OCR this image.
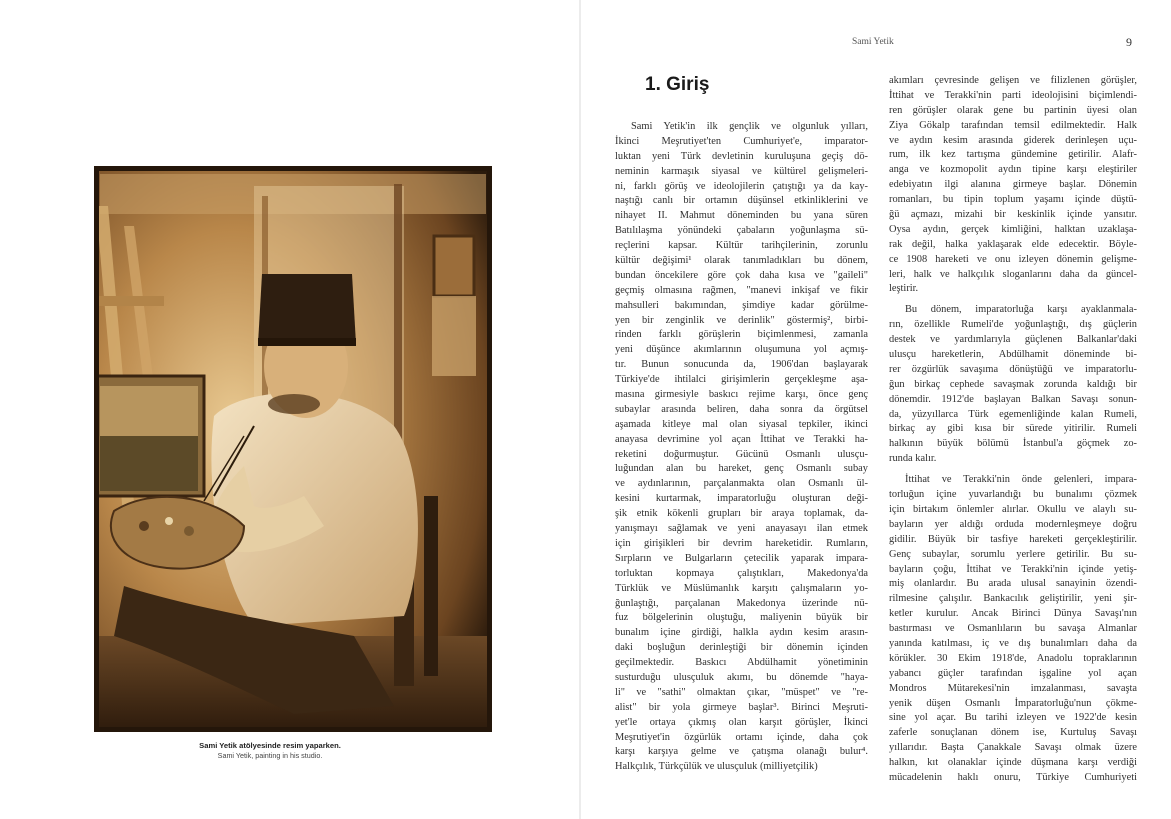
Sami Yetik atölyesinde resim yaparken.
Sami Yetik, painting in his studio.
Sami Yetik	9
1. Giriş
Sami Yetik'in ilk gençlik ve olgunluk yılları,
İkinci Meşrutiyet'ten Cumhuriyet'e, imparator-
luktan yeni Türk devletinin kuruluşuna geçiş dö-
neminin karmaşık siyasal ve kültürel gelişmeleri-
ni, farklı görüş ve ideolojilerin çatıştığı ya da kay-
naştığı canlı bir ortamın düşünsel etkinliklerini ve
nihayet II. Mahmut döneminden bu yana süren
Batılılaşma yönündeki çabaların yoğunlaşma sü-
reçlerini kapsar. Kültür tarihçilerinin, zorunlu
kültür değişimi¹ olarak tanımladıkları bu dönem,
bundan öncekilere göre çok daha kısa ve "gaileli"
geçmiş olmasına rağmen, "manevi inkişaf ve fikir
mahsulleri bakımından, şimdiye kadar görülme-
yen bir zenginlik ve derinlik" göstermiş², birbi-
rinden farklı görüşlerin biçimlenmesi, zamanla
yeni düşünce akımlarının oluşumuna yol açmış-
tır. Bunun sonucunda da, 1906'dan başlayarak
Türkiye'de ihtilalci girişimlerin gerçekleşme aşa-
masına girmesiyle baskıcı rejime karşı, önce genç
subaylar arasında beliren, daha sonra da örgütsel
aşamada kitleye mal olan siyasal tepkiler, ikinci
anayasa devrimine yol açan İttihat ve Terakki ha-
reketini doğurmuştur. Gücünü Osmanlı ulusçu-
luğundan alan bu hareket, genç Osmanlı subay
ve aydınlarının, parçalanmakta olan Osmanlı ül-
kesini kurtarmak, imparatorluğu oluşturan deği-
şik etnik kökenli grupları bir araya toplamak, da-
yanışmayı sağlamak ve yeni anayasayı ilan etmek
için girişikleri bir devrim hareketidir. Rumların,
Sırpların ve Bulgarların çetecilik yaparak impara-
torluktan kopmaya çalıştıkları, Makedonya'da
Türklük ve Müslümanlık karşıtı çalışmaların yo-
ğunlaştığı, parçalanan Makedonya üzerinde nü-
fuz bölgelerinin oluştuğu, maliyenin büyük bir
bunalım içine girdiği, halkla aydın kesim arasın-
daki boşluğun derinleştiği bir dönemin içinden
geçilmektedir. Baskıcı Abdülhamit yönetiminin
susturduğu ulusçuluk akımı, bu dönemde "haya-
li" ve "sathi" olmaktan çıkar, "müspet" ve "re-
alist" bir yola girmeye başlar³. Birinci Meşruti-
yet'le ortaya çıkmış olan karşıt görüşler, İkinci
Meşrutiyet'in özgürlük ortamı içinde, daha çok
karşı karşıya gelme ve çatışma olanağı bulur⁴.
Halkçılık, Türkçülük ve ulusçuluk (milliyetçilik)
akımları çevresinde gelişen ve filizlenen görüşler,
İttihat ve Terakki'nin parti ideolojisini biçimlendi-
ren görüşler olarak gene bu partinin üyesi olan
Ziya Gökalp tarafından temsil edilmektedir. Halk
ve aydın kesim arasında giderek derinleşen uçu-
rum, ilk kez tartışma gündemine getirilir. Alafr-
anga ve kozmopolit aydın tipine karşı eleştiriler
edebiyatın ilgi alanına girmeye başlar. Dönemin
romanları, bu tipin toplum yaşamı içinde düştü-
ğü açmazı, mizahi bir keskinlik içinde yansıtır.
Oysa aydın, gerçek kimliğini, halktan uzaklaşa-
rak değil, halka yaklaşarak elde edecektir. Böyle-
ce 1908 hareketi ve onu izleyen dönemin gelişme-
leri, halk ve halkçılık sloganlarını daha da güncel-
leştirir.
Bu dönem, imparatorluğa karşı ayaklanmala-
rın, özellikle Rumeli'de yoğunlaştığı, dış güçlerin
destek ve yardımlarıyla güçlenen Balkanlar'daki
ulusçu hareketlerin, Abdülhamit döneminde bi-
rer özgürlük savaşıma dönüştüğü ve imparatorlu-
ğun birkaç cephede savaşmak zorunda kaldığı bir
dönemdir. 1912'de başlayan Balkan Savaşı sonun-
da, yüzyıllarca Türk egemenliğinde kalan Rumeli,
birkaç ay gibi kısa bir sürede yitirilir. Rumeli
halkının büyük bölümü İstanbul'a göçmek zo-
runda kalır.
İttihat ve Terakki'nin önde gelenleri, impara-
torluğun içine yuvarlandığı bu bunalımı çözmek
için birtakım önlemler alırlar. Okullu ve alaylı su-
bayların yer aldığı orduda modernleşmeye doğru
gidilir. Büyük bir tasfiye hareketi gerçekleştirilir.
Genç subaylar, sorumlu yerlere getirilir. Bu su-
bayların çoğu, İttihat ve Terakki'nin içinde yetiş-
miş olanlardır. Bu arada ulusal sanayinin özendi-
rilmesine çalışılır. Bankacılık geliştirilir, yeni şir-
ketler kurulur. Ancak Birinci Dünya Savaşı'nın
bastırması ve Osmanlıların bu savaşa Almanlar
yanında katılması, iç ve dış bunalımları daha da
körükler. 30 Ekim 1918'de, Anadolu topraklarının
yabancı güçler tarafından işgaline yol açan
Mondros Mütarekesi'nin imzalanması, savaşta
yenik düşen Osmanlı İmparatorluğu'nun çökme-
sine yol açar. Bu tarihi izleyen ve 1922'de kesin
zaferle sonuçlanan dönem ise, Kurtuluş Savaşı
yıllarıdır. Başta Çanakkale Savaşı olmak üzere
halkın, kıt olanaklar içinde düşmana karşı verdiği
mücadelenin haklı onuru, Türkiye Cumhuriyeti
